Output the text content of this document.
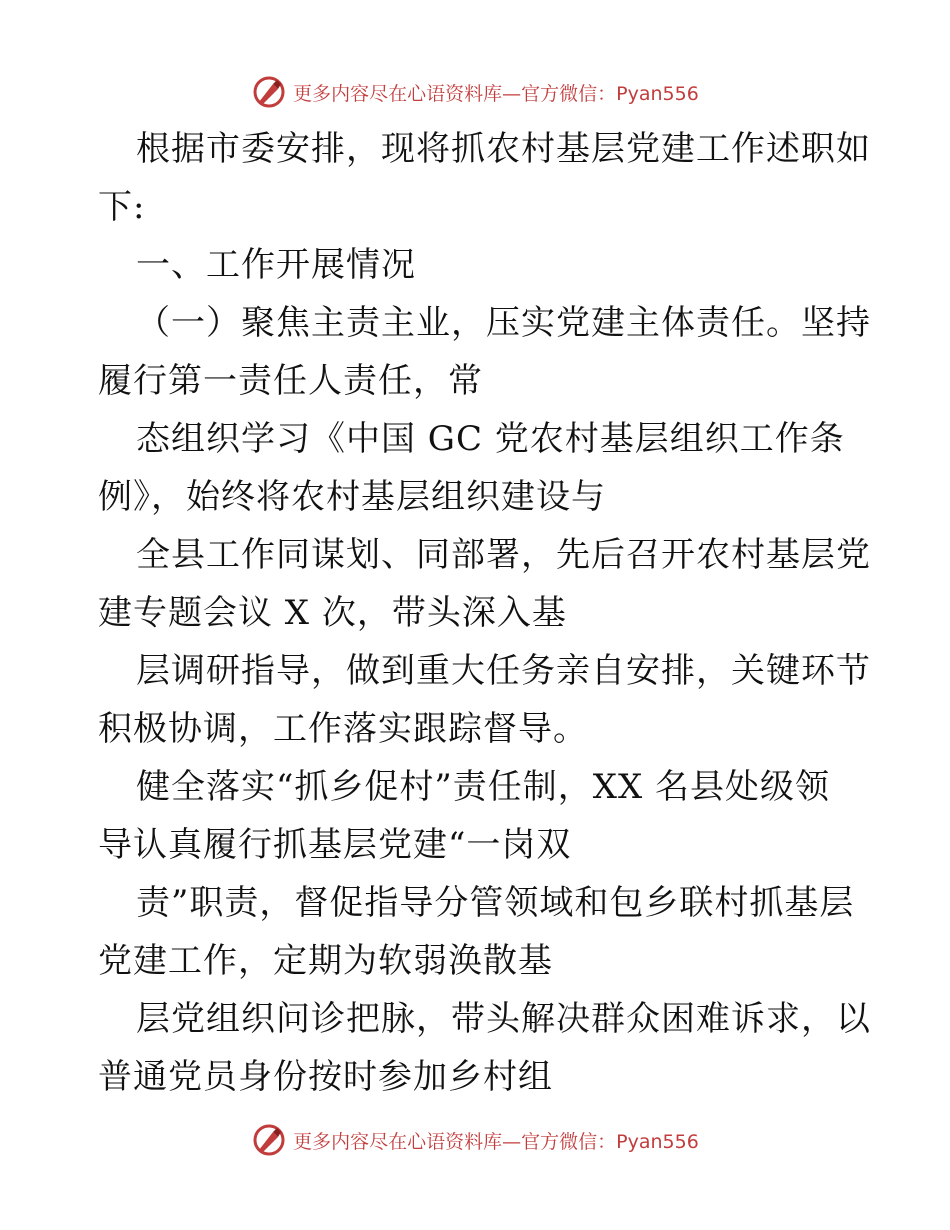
更多内容尽在心语资料库—官方微信：Pyan556
根据市委安排，现将抓农村基层党建工作述职如
下:
一、工作开展情况
（一）聚焦主责主业，压实党建主体责任。坚持
履行第一责任人责任，常
态组织学习《中国 GC 党农村基层组织工作条
例》，始终将农村基层组织建设与
全县工作同谋划、同部署，先后召开农村基层党
建专题会议 X 次，带头深入基
层调研指导，做到重大任务亲自安排，关键环节
积极协调，工作落实跟踪督导。
健全落实“抓乡促村”责任制，XX 名县处级领
导认真履行抓基层党建“一岗双
责”职责，督促指导分管领域和包乡联村抓基层
党建工作，定期为软弱涣散基
层党组织问诊把脉，带头解决群众困难诉求，以
普通党员身份按时参加乡村组
更多内容尽在心语资料库—官方微信：Pyan556
